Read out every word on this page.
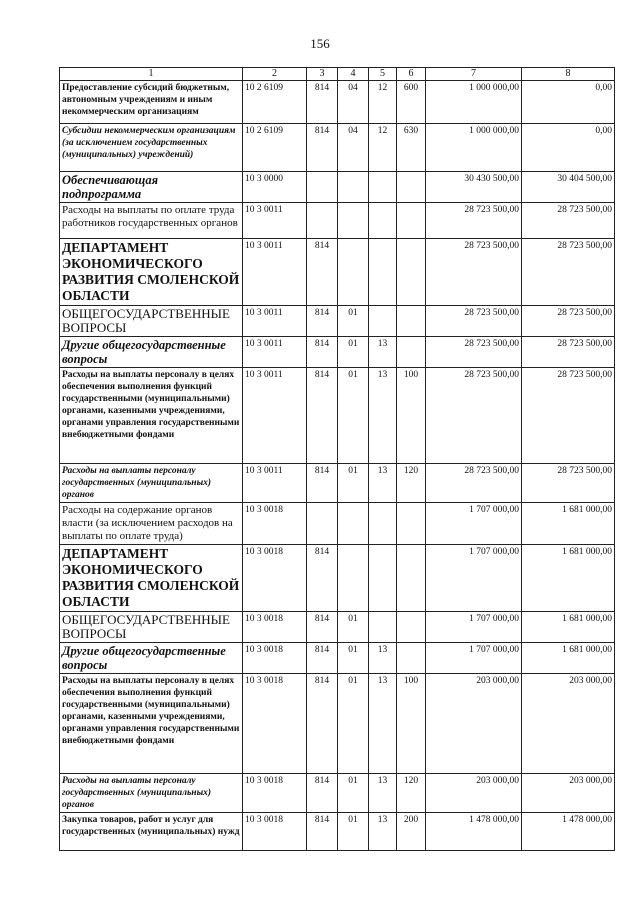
156
1	2	3	4	5	6	7	8

Предоставление субсидий бюджетным, автономным учреждениям и иным некоммерческим организациям	10 2 6109	814	04	12	600	1 000 000,00	0,00

Субсидии некоммерческим организациям (за исключением государственных (муниципальных) учреждений)	10 2 6109	814	04	12	630	1 000 000,00	0,00

Обеспечивающая подпрограмма	10 3 0000					30 430 500,00	30 404 500,00

Расходы на выплаты по оплате труда работников государственных органов	10 3 0011					28 723 500,00	28 723 500,00

ДЕПАРТАМЕНТ ЭКОНОМИЧЕСКОГО РАЗВИТИЯ СМОЛЕНСКОЙ ОБЛАСТИ	10 3 0011	814				28 723 500,00	28 723 500,00

ОБЩЕГОСУДАРСТВЕННЫЕ ВОПРОСЫ	10 3 0011	814	01			28 723 500,00	28 723 500,00

Другие общегосударственные вопросы	10 3 0011	814	01	13		28 723 500,00	28 723 500,00

Расходы на выплаты персоналу в целях обеспечения выполнения функций государственными (муниципальными) органами, казенными учреждениями, органами управления государственными внебюджетными фондами	10 3 0011	814	01	13	100	28 723 500,00	28 723 500,00

Расходы на выплаты персоналу государственных (муниципальных) органов	10 3 0011	814	01	13	120	28 723 500,00	28 723 500,00

Расходы на содержание органов власти (за исключением расходов на выплаты по оплате труда)	10 3 0018					1 707 000,00	1 681 000,00

ДЕПАРТАМЕНТ ЭКОНОМИЧЕСКОГО РАЗВИТИЯ СМОЛЕНСКОЙ ОБЛАСТИ	10 3 0018	814				1 707 000,00	1 681 000,00

ОБЩЕГОСУДАРСТВЕННЫЕ ВОПРОСЫ	10 3 0018	814	01			1 707 000,00	1 681 000,00

Другие общегосударственные вопросы	10 3 0018	814	01	13		1 707 000,00	1 681 000,00

Расходы на выплаты персоналу в целях обеспечения выполнения функций государственными (муниципальными) органами, казенными учреждениями, органами управления государственными внебюджетными фондами	10 3 0018	814	01	13	100	203 000,00	203 000,00

Расходы на выплаты персоналу государственных (муниципальных) органов	10 3 0018	814	01	13	120	203 000,00	203 000,00

Закупка товаров, работ и услуг для государственных (муниципальных) нужд	10 3 0018	814	01	13	200	1 478 000,00	1 478 000,00
